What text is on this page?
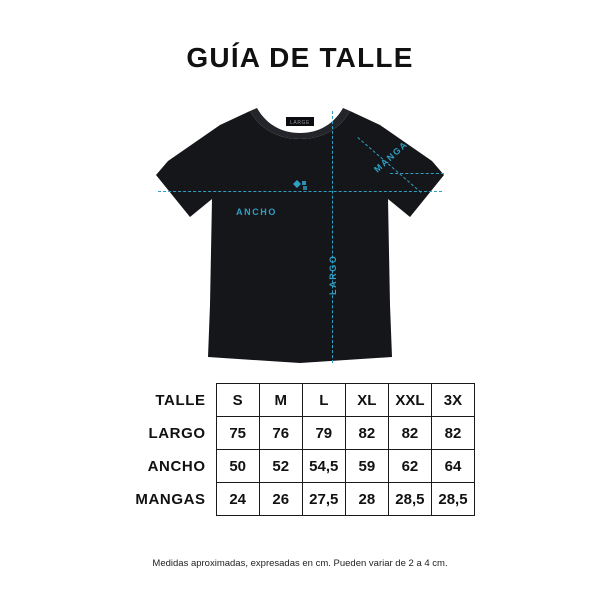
GUÍA DE TALLE
LARGE
ANCHO
LARGO
MANGA
TALLE	S	M	L	XL	XXL	3X
LARGO	75	76	79	82	82	82
ANCHO	50	52	54,5	59	62	64
MANGAS	24	26	27,5	28	28,5	28,5
Medidas aproximadas, expresadas en cm. Pueden variar de 2 a 4 cm.
